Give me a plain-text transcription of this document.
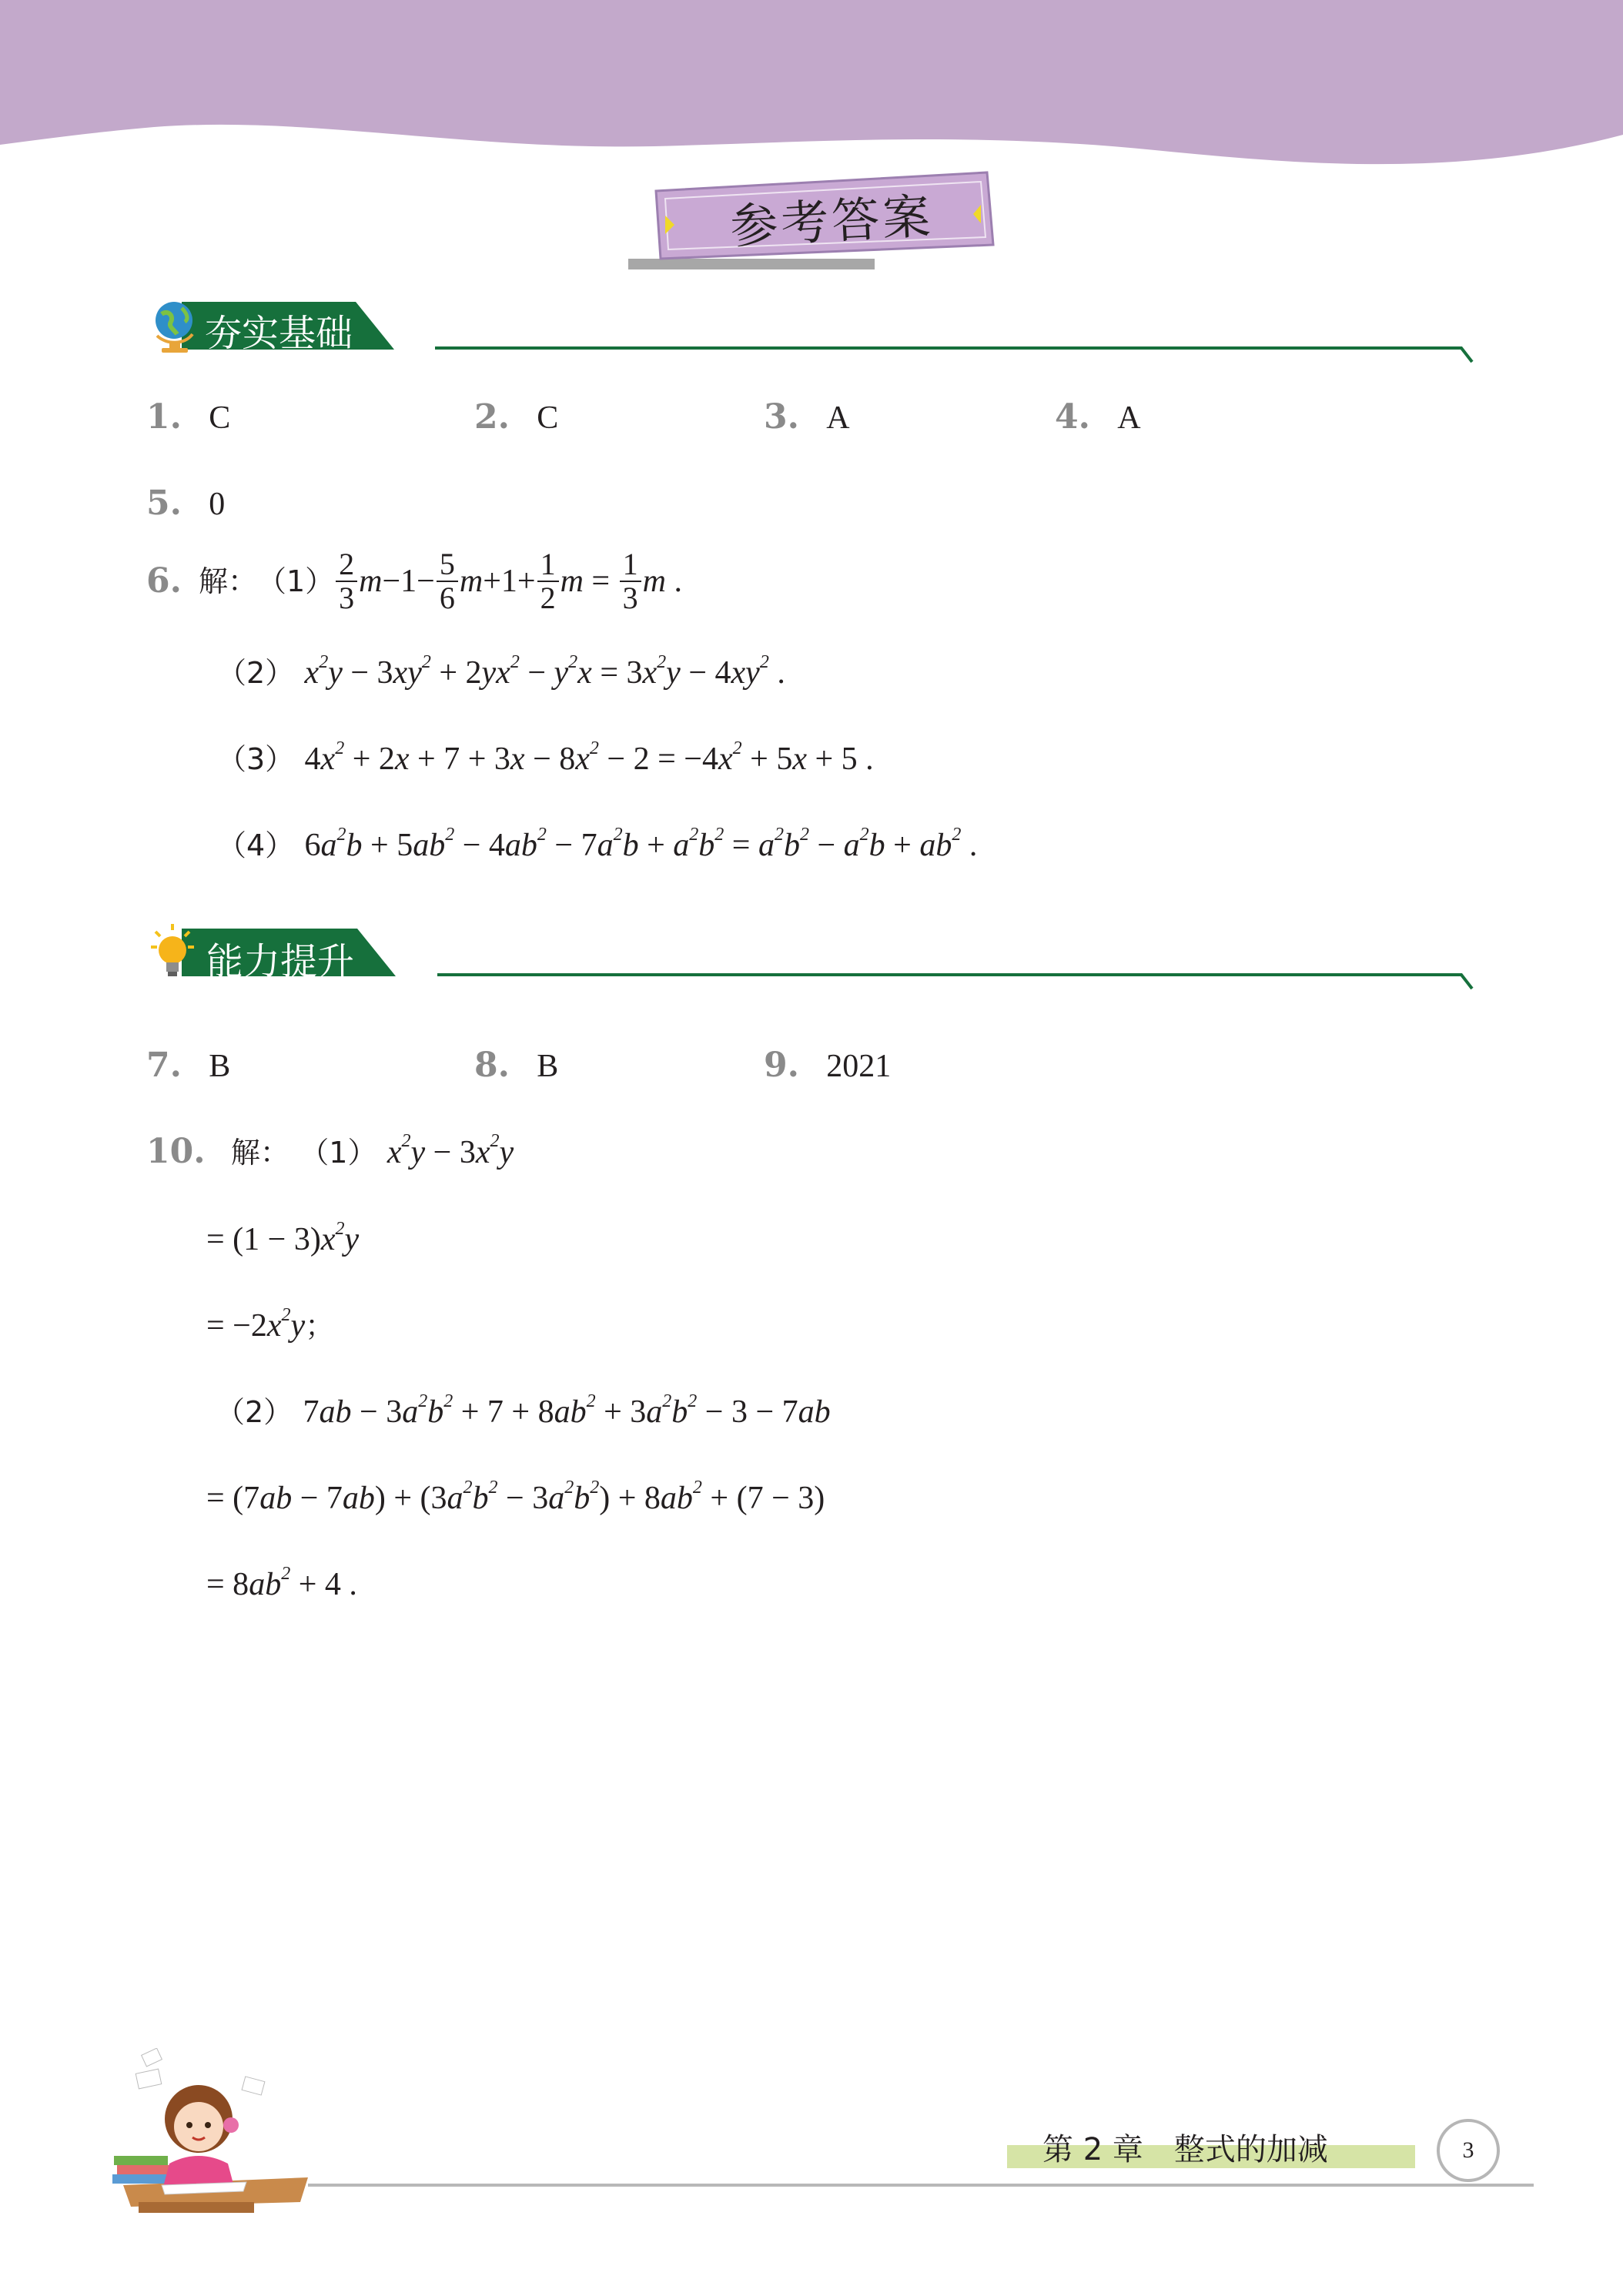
参考答案
夯实基础
1. C	2. C	3. A	4. A
5. 0
6. 解： $(1) \frac{2}{3}$ $m -1- \frac{5}{6}$ $m +1+ \frac{1}{2}$ $m = \frac{1}{3}$ m .
（2） $x^2y - 3xy^2 + 2yx^2 - y^2x = 3x^2y - 4xy^2$ .
（3） $4x^2 + 2x + 7 + 3x - 8x^2 - 2 = -4x^2 + 5x + 5$ .
（4） $6a^2b + 5ab^2 - 4ab^2 - 7a^2b + a^2b^2 = a^2b^2 - a^2b + ab^2$ .
能力提升
7. B	8. B	9. 2021
10. 解： （1） $x^2y - 3x^2y$
= $(1 - 3)x^2y$
= $-2x^2y$；
（2） $7ab - 3a^2b^2 + 7 + 8ab^2 + 3a^2b^2 - 3 - 7ab$
= $(7ab - 7ab) + (3a^2b^2 - 3a^2b^2) + 8ab^2 + (7 - 3)$
= $8ab^2 + 4$ .
第 2 章　整式的加减	3
